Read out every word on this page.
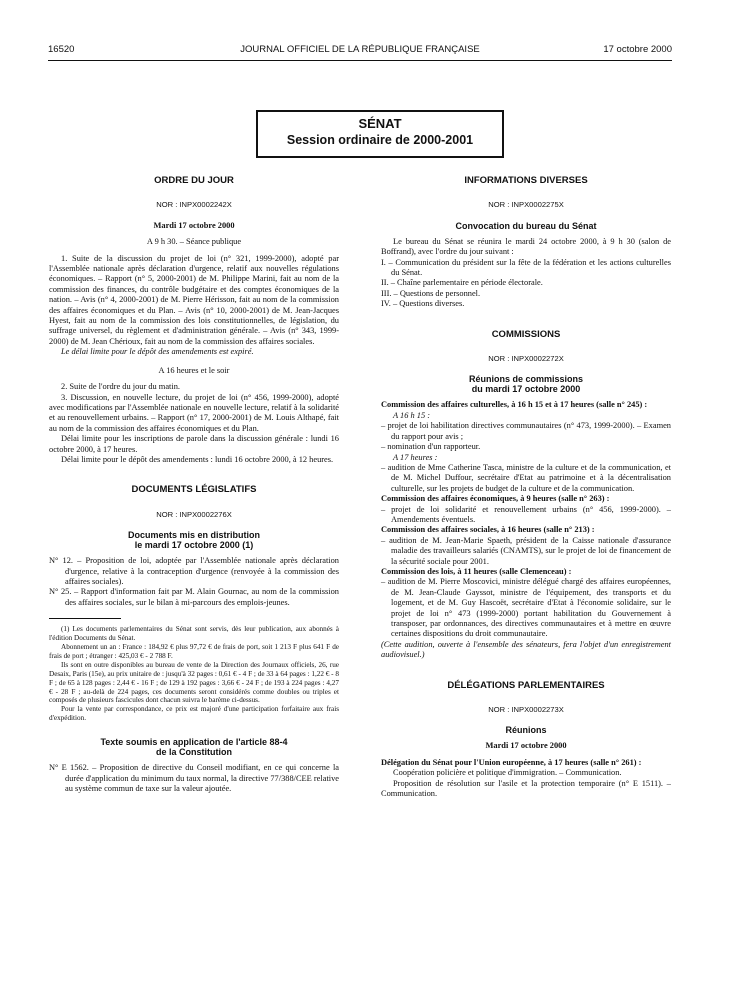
16520	JOURNAL OFFICIEL DE LA RÉPUBLIQUE FRANÇAISE	17 octobre 2000
SÉNAT
Session ordinaire de 2000-2001
ORDRE DU JOUR
NOR : INPX0002242X
Mardi 17 octobre 2000
A 9 h 30. – Séance publique

1. Suite de la discussion du projet de loi (n° 321, 1999-2000), adopté par l'Assemblée nationale après déclaration d'urgence, relatif aux nouvelles régulations économiques. – Rapport (n° 5, 2000-2001) de M. Philippe Marini, fait au nom de la commission des finances, du contrôle budgétaire et des comptes économiques de la nation. – Avis (n° 4, 2000-2001) de M. Pierre Hérisson, fait au nom de la commission des affaires économiques et du Plan. – Avis (n° 10, 2000-2001) de M. Jean-Jacques Hyest, fait au nom de la commission des lois constitutionnelles, de législation, du suffrage universel, du règlement et d'administration générale. – Avis (n° 343, 1999-2000) de M. Jean Chérioux, fait au nom de la commission des affaires sociales.

Le délai limite pour le dépôt des amendements est expiré.

A 16 heures et le soir

2. Suite de l'ordre du jour du matin.

3. Discussion, en nouvelle lecture, du projet de loi (n° 456, 1999-2000), adopté avec modifications par l'Assemblée nationale en nouvelle lecture, relatif à la solidarité et au renouvellement urbains. – Rapport (n° 17, 2000-2001) de M. Louis Althapé, fait au nom de la commission des affaires économiques et du Plan.

Délai limite pour les inscriptions de parole dans la discussion générale : lundi 16 octobre 2000, à 17 heures.

Délai limite pour le dépôt des amendements : lundi 16 octobre 2000, à 12 heures.

DOCUMENTS LÉGISLATIFS
NOR : INPX0002276X
Documents mis en distribution
le mardi 17 octobre 2000 (1)

N° 12. – Proposition de loi, adoptée par l'Assemblée nationale après déclaration d'urgence, relative à la contraception d'urgence (renvoyée à la commission des affaires sociales).

N° 25. – Rapport d'information fait par M. Alain Gournac, au nom de la commission des affaires sociales, sur le bilan à mi-parcours des emplois-jeunes.

(1) Les documents parlementaires du Sénat sont servis, dès leur publication, aux abonnés à l'édition Documents du Sénat.

Abonnement un an : France : 184,92 € plus 97,72 € de frais de port, soit 1 213 F plus 641 F de frais de port ; étranger : 425,03 € - 2 788 F.

Ils sont en outre disponibles au bureau de vente de la Direction des Journaux officiels, 26, rue Desaix, Paris (15e), au prix unitaire de : jusqu'à 32 pages : 0,61 € - 4 F ; de 33 à 64 pages : 1,22 € - 8 F ; de 65 à 128 pages : 2,44 € - 16 F ; de 129 à 192 pages : 3,66 € - 24 F ; de 193 à 224 pages : 4,27 € - 28 F ; au-delà de 224 pages, ces documents seront considérés comme doubles ou triples et composés de plusieurs fascicules dont chacun suivra le barème ci-dessus.

Pour la vente par correspondance, ce prix est majoré d'une participation forfaitaire aux frais d'expédition.

Texte soumis en application de l'article 88-4
de la Constitution

N° E 1562. – Proposition de directive du Conseil modifiant, en ce qui concerne la durée d'application du minimum du taux normal, la directive 77/388/CEE relative au système commun de taxe sur la valeur ajoutée.

INFORMATIONS DIVERSES
NOR : INPX0002275X
Convocation du bureau du Sénat

Le bureau du Sénat se réunira le mardi 24 octobre 2000, à 9 h 30 (salon de Boffrand), avec l'ordre du jour suivant :

I. – Communication du président sur la fête de la fédération et les actions culturelles du Sénat.

II. – Chaîne parlementaire en période électorale.

III. – Questions de personnel.

IV. – Questions diverses.

COMMISSIONS
NOR : INPX0002272X
Réunions de commissions
du mardi 17 octobre 2000

Commission des affaires culturelles, à 16 h 15 et à 17 heures (salle n° 245) :

A 16 h 15 :

– projet de loi habilitation directives communautaires (n° 473, 1999-2000). – Examen du rapport pour avis ;

– nomination d'un rapporteur.

A 17 heures :

– audition de Mme Catherine Tasca, ministre de la culture et de la communication, et de M. Michel Duffour, secrétaire d'Etat au patrimoine et à la décentralisation culturelle, sur les projets de budget de la culture et de la communication.

Commission des affaires économiques, à 9 heures (salle n° 263) :

– projet de loi solidarité et renouvellement urbains (n° 456, 1999-2000). – Amendements éventuels.

Commission des affaires sociales, à 16 heures (salle n° 213) :

– audition de M. Jean-Marie Spaeth, président de la Caisse nationale d'assurance maladie des travailleurs salariés (CNAMTS), sur le projet de loi de financement de la sécurité sociale pour 2001.

Commission des lois, à 11 heures (salle Clemenceau) :

– audition de M. Pierre Moscovici, ministre délégué chargé des affaires européennes, de M. Jean-Claude Gayssot, ministre de l'équipement, des transports et du logement, et de M. Guy Hascoët, secrétaire d'Etat à l'économie solidaire, sur le projet de loi n° 473 (1999-2000) portant habilitation du Gouvernement à transposer, par ordonnances, des directives communautaires et à mettre en œuvre certaines dispositions du droit communautaire.

(Cette audition, ouverte à l'ensemble des sénateurs, fera l'objet d'un enregistrement audiovisuel.)

DÉLÉGATIONS PARLEMENTAIRES
NOR : INPX0002273X
Réunions
Mardi 17 octobre 2000

Délégation du Sénat pour l'Union européenne, à 17 heures (salle n° 261) :

Coopération policière et politique d'immigration. – Communication.

Proposition de résolution sur l'asile et la protection temporaire (n° E 1511). – Communication.
